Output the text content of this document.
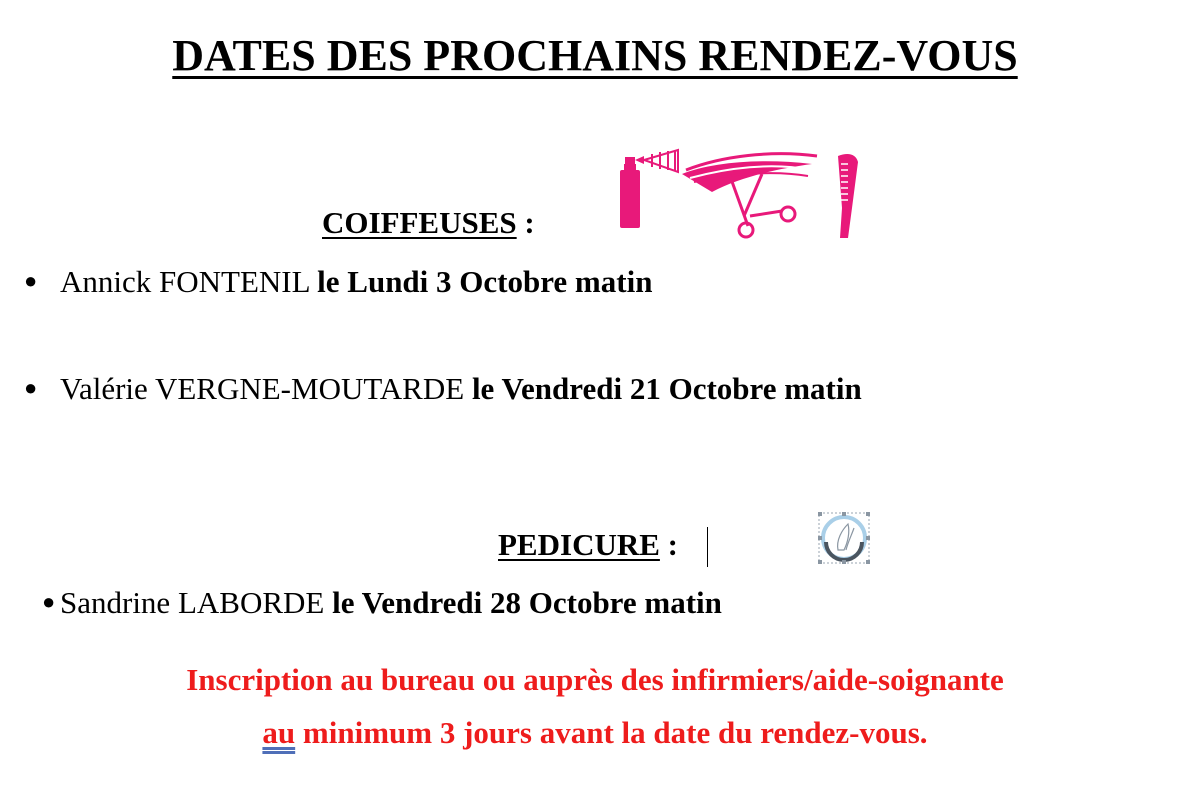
DATES DES PROCHAINS RENDEZ-VOUS
COIFFEUSES :
● Annick FONTENIL le Lundi 3 Octobre matin
● Valérie VERGNE-MOUTARDE le Vendredi 21 Octobre matin
PEDICURE :
● Sandrine LABORDE le Vendredi 28 Octobre matin
Inscription au bureau ou auprès des infirmiers/aide-soignante
au minimum 3 jours avant la date du rendez-vous.
